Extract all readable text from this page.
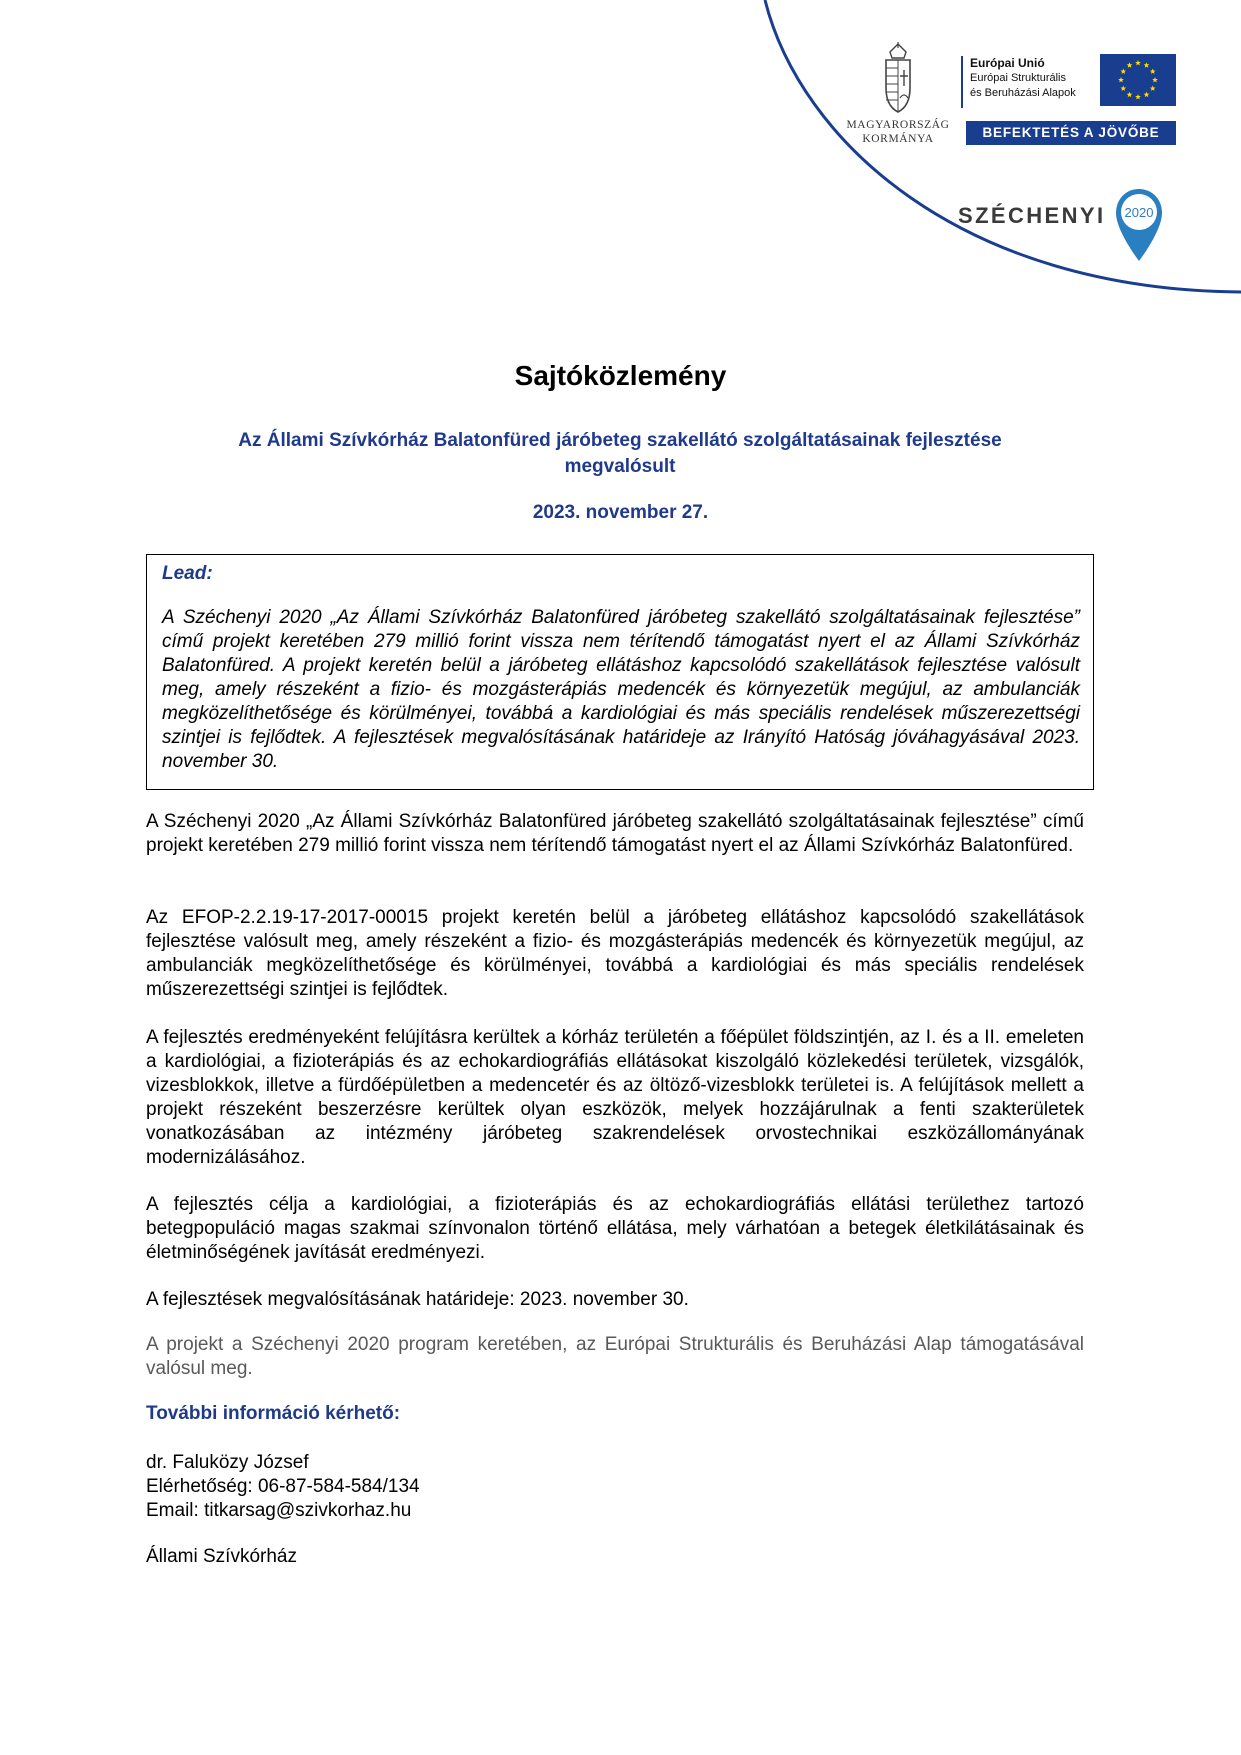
MAGYARORSZÁG
KORMÁNYA
Európai Unió
Európai Strukturális
és Beruházási Alapok
BEFEKTETÉS A JÖVŐBE
SZÉCHENYI 2020
Sajtóközlemény
Az Állami Szívkórház Balatonfüred járóbeteg szakellátó szolgáltatásainak fejlesztése megvalósult
2023. november 27.
Lead:
A Széchenyi 2020 „Az Állami Szívkórház Balatonfüred járóbeteg szakellátó szolgáltatásainak fejlesztése” című projekt keretében 279 millió forint vissza nem térítendő támogatást nyert el az Állami Szívkórház Balatonfüred. A projekt keretén belül a járóbeteg ellátáshoz kapcsolódó szakellátások fejlesztése valósult meg, amely részeként a fizio- és mozgásterápiás medencék és környezetük megújul, az ambulanciák megközelíthetősége és körülményei, továbbá a kardiológiai és más speciális rendelések műszerezettségi szintjei is fejlődtek. A fejlesztések megvalósításának határideje az Irányító Hatóság jóváhagyásával 2023. november 30.
A Széchenyi 2020 „Az Állami Szívkórház Balatonfüred járóbeteg szakellátó szolgáltatásainak fejlesztése” című projekt keretében 279 millió forint vissza nem térítendő támogatást nyert el az Állami Szívkórház Balatonfüred.
Az EFOP-2.2.19-17-2017-00015 projekt keretén belül a járóbeteg ellátáshoz kapcsolódó szakellátások fejlesztése valósult meg, amely részeként a fizio- és mozgásterápiás medencék és környezetük megújul, az ambulanciák megközelíthetősége és körülményei, továbbá a kardiológiai és más speciális rendelések műszerezettségi szintjei is fejlődtek.
A fejlesztés eredményeként felújításra kerültek a kórház területén a főépület földszintjén, az I. és a II. emeleten a kardiológiai, a fizioterápiás és az echokardiográfiás ellátásokat kiszolgáló közlekedési területek, vizsgálók, vizesblokkok, illetve a fürdőépületben a medencetér és az öltöző-vizesblokk területei is. A felújítások mellett a projekt részeként beszerzésre kerültek olyan eszközök, melyek hozzájárulnak a fenti szakterületek vonatkozásában az intézmény járóbeteg szakrendelések orvostechnikai eszközállományának modernizálásához.
A fejlesztés célja a kardiológiai, a fizioterápiás és az echokardiográfiás ellátási területhez tartozó betegpopuláció magas szakmai színvonalon történő ellátása, mely várhatóan a betegek életkilátásainak és életminőségének javítását eredményezi.
A fejlesztések megvalósításának határideje: 2023. november 30.
A projekt a Széchenyi 2020 program keretében, az Európai Strukturális és Beruházási Alap támogatásával valósul meg.
További információ kérhető:
dr. Faluközy József
Elérhetőség: 06-87-584-584/134
Email: titkarsag@szivkorhaz.hu
Állami Szívkórház
